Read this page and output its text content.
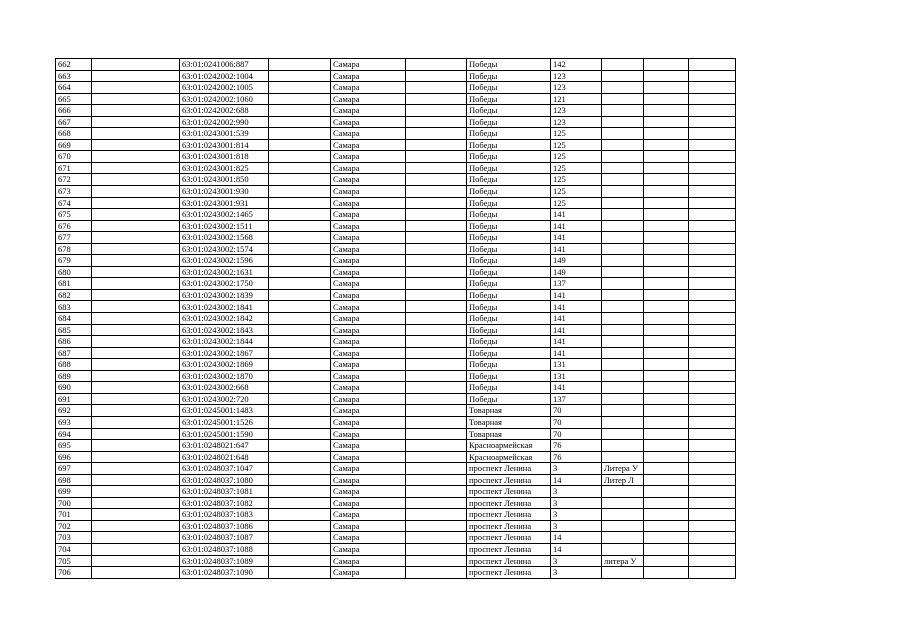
662		63:01:0241006:887		Самара		Победы	142			
663		63:01:0242002:1004		Самара		Победы	123			
664		63:01:0242002:1005		Самара		Победы	123			
665		63:01:0242002:1060		Самара		Победы	121			
666		63:01:0242002:688		Самара		Победы	123			
667		63:01:0242002:990		Самара		Победы	123			
668		63:01:0243001:539		Самара		Победы	125			
669		63:01:0243001:814		Самара		Победы	125			
670		63:01:0243001:818		Самара		Победы	125			
671		63:01:0243001:825		Самара		Победы	125			
672		63:01:0243001:850		Самара		Победы	125			
673		63:01:0243001:930		Самара		Победы	125			
674		63:01:0243001:931		Самара		Победы	125			
675		63:01:0243002:1465		Самара		Победы	141			
676		63:01:0243002:1511		Самара		Победы	141			
677		63:01:0243002:1568		Самара		Победы	141			
678		63:01:0243002:1574		Самара		Победы	141			
679		63:01:0243002:1596		Самара		Победы	149			
680		63:01:0243002:1631		Самара		Победы	149			
681		63:01:0243002:1750		Самара		Победы	137			
682		63:01:0243002:1839		Самара		Победы	141			
683		63:01:0243002:1841		Самара		Победы	141			
684		63:01:0243002:1842		Самара		Победы	141			
685		63:01:0243002:1843		Самара		Победы	141			
686		63:01:0243002:1844		Самара		Победы	141			
687		63:01:0243002:1867		Самара		Победы	141			
688		63:01:0243002:1869		Самара		Победы	131			
689		63:01:0243002:1870		Самара		Победы	131			
690		63:01:0243002:668		Самара		Победы	141			
691		63:01:0243002:720		Самара		Победы	137			
692		63:01:0245001:1483		Самара		Товарная	70			
693		63:01:0245001:1526		Самара		Товарная	70			
694		63:01:0245001:1590		Самара		Товарная	70			
695		63:01:0248021:647		Самара		Красноармейская	76			
696		63:01:0248021:648		Самара		Красноармейская	76			
697		63:01:0248037:1047		Самара		проспект Ленина	3	Литера У		
698		63:01:0248037:1080		Самара		проспект Ленина	14	Литер Л		
699		63:01:0248037:1081		Самара		проспект Ленина	3			
700		63:01:0248037:1082		Самара		проспект Ленина	3			
701		63:01:0248037:1083		Самара		проспект Ленина	3			
702		63:01:0248037:1086		Самара		проспект Ленина	3			
703		63:01:0248037:1087		Самара		проспект Ленина	14			
704		63:01:0248037:1088		Самара		проспект Ленина	14			
705		63:01:0248037:1089		Самара		проспект Ленина	3	литера У		
706		63:01:0248037:1090		Самара		проспект Ленина	3			
